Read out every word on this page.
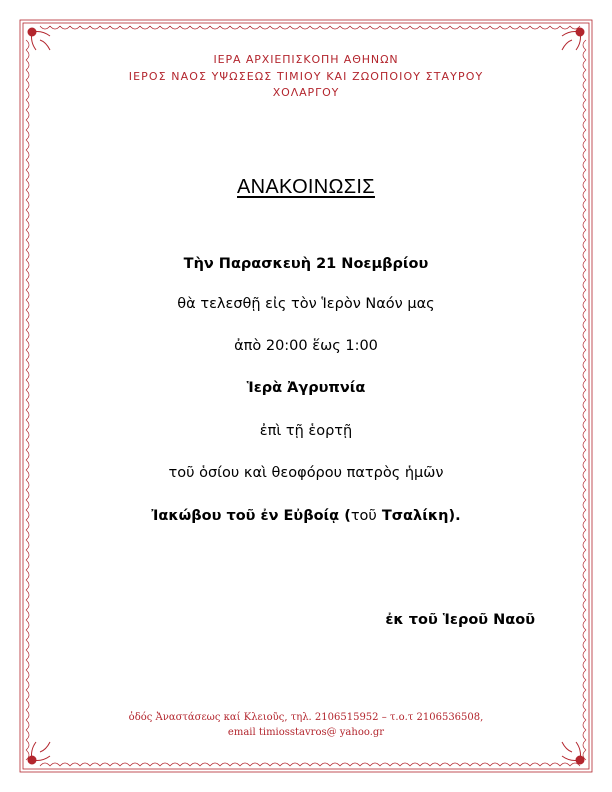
ΙΕΡΑ ΑΡΧΙΕΠΙΣΚΟΠΗ ΑΘΗΝΩΝ
ΙΕΡΟΣ ΝΑΟΣ ΥΨΩΣΕΩΣ ΤΙΜΙΟΥ ΚΑΙ ΖΩΟΠΟΙΟΥ ΣΤΑΥΡΟΥ
ΧΟΛΑΡΓΟΥ
ΑΝΑΚΟΙΝΩΣΙΣ
Τὴν Παρασκευὴ 21 Νοεμβρίου
θὰ τελεσθῇ εἰς τὸν Ἱερὸν Ναόν μας
ἀπὸ 20:00 ἕως 1:00
Ἱερὰ Ἀγρυπνία
ἐπὶ τῇ ἑορτῇ
τοῦ ὁσίου καὶ θεοφόρου πατρὸς ἡμῶν
Ἰακώβου τοῦ ἐν Εὐβοίᾳ (τοῦ Τσαλίκη).
ἐκ τοῦ Ἱεροῦ Ναοῦ
ὁδός Ἀναστάσεως καί Κλειοῦς, τηλ. 2106515952 – τ.ο.τ 2106536508,
email timiosstavros@ yahoo.gr
